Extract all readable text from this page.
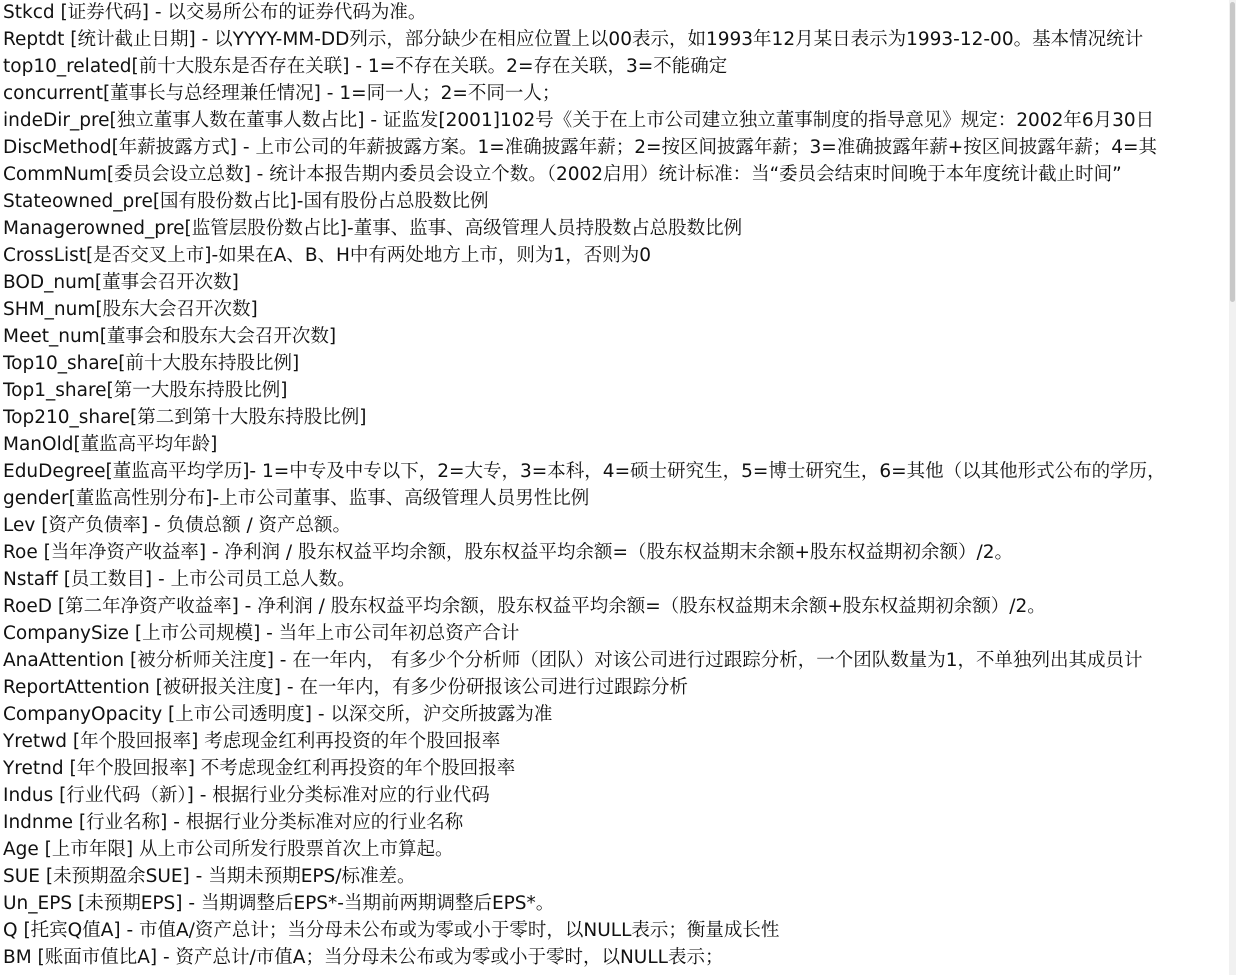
Stkcd [证券代码] - 以交易所公布的证券代码为准。
Reptdt [统计截止日期] - 以YYYY-MM-DD列示，部分缺少在相应位置上以00表示，如1993年12月某日表示为1993-12-00。基本情况统计
top10_related[前十大股东是否存在关联] - 1=不存在关联。2=存在关联，3=不能确定
concurrent[董事长与总经理兼任情况] - 1=同一人；2=不同一人；
indeDir_pre[独立董事人数在董事人数占比] - 证监发[2001]102号《关于在上市公司建立独立董事制度的指导意见》规定：2002年6月30日
DiscMethod[年薪披露方式] - 上市公司的年薪披露方案。1=准确披露年薪；2=按区间披露年薪；3=准确披露年薪+按区间披露年薪；4=其
CommNum[委员会设立总数] - 统计本报告期内委员会设立个数。（2002启用）统计标准：当“委员会结束时间晚于本年度统计截止时间”
Stateowned_pre[国有股份数占比]-国有股份占总股数比例
Managerowned_pre[监管层股份数占比]-董事、监事、高级管理人员持股数占总股数比例
CrossList[是否交叉上市]-如果在A、B、H中有两处地方上市，则为1，否则为0
BOD_num[董事会召开次数]
SHM_num[股东大会召开次数]
Meet_num[董事会和股东大会召开次数]
Top10_share[前十大股东持股比例]
Top1_share[第一大股东持股比例]
Top210_share[第二到第十大股东持股比例]
ManOld[董监高平均年龄]
EduDegree[董监高平均学历]- 1=中专及中专以下，2=大专，3=本科，4=硕士研究生，5=博士研究生，6=其他（以其他形式公布的学历，
gender[董监高性别分布]-上市公司董事、监事、高级管理人员男性比例
Lev [资产负债率] - 负债总额 / 资产总额。
Roe [当年净资产收益率] - 净利润 / 股东权益平均余额，股东权益平均余额=（股东权益期末余额+股东权益期初余额）/2。
Nstaff [员工数目] - 上市公司员工总人数。
RoeD [第二年净资产收益率] - 净利润 / 股东权益平均余额，股东权益平均余额=（股东权益期末余额+股东权益期初余额）/2。
CompanySize [上市公司规模] - 当年上市公司年初总资产合计
AnaAttention [被分析师关注度] - 在一年内， 有多少个分析师（团队）对该公司进行过跟踪分析，一个团队数量为1，不单独列出其成员计
ReportAttention [被研报关注度] - 在一年内，有多少份研报该公司进行过跟踪分析
CompanyOpacity [上市公司透明度] - 以深交所，沪交所披露为准
Yretwd [年个股回报率] 考虑现金红利再投资的年个股回报率
Yretnd [年个股回报率] 不考虑现金红利再投资的年个股回报率
Indus [行业代码（新）] - 根据行业分类标准对应的行业代码
Indnme [行业名称] - 根据行业分类标准对应的行业名称
Age [上市年限] 从上市公司所发行股票首次上市算起。
SUE [未预期盈余SUE] - 当期未预期EPS/标准差。
Un_EPS [未预期EPS] - 当期调整后EPS*-当期前两期调整后EPS*。
Q [托宾Q值A] - 市值A/资产总计；当分母未公布或为零或小于零时，以NULL表示；衡量成长性
BM [账面市值比A] - 资产总计/市值A；当分母未公布或为零或小于零时，以NULL表示；
